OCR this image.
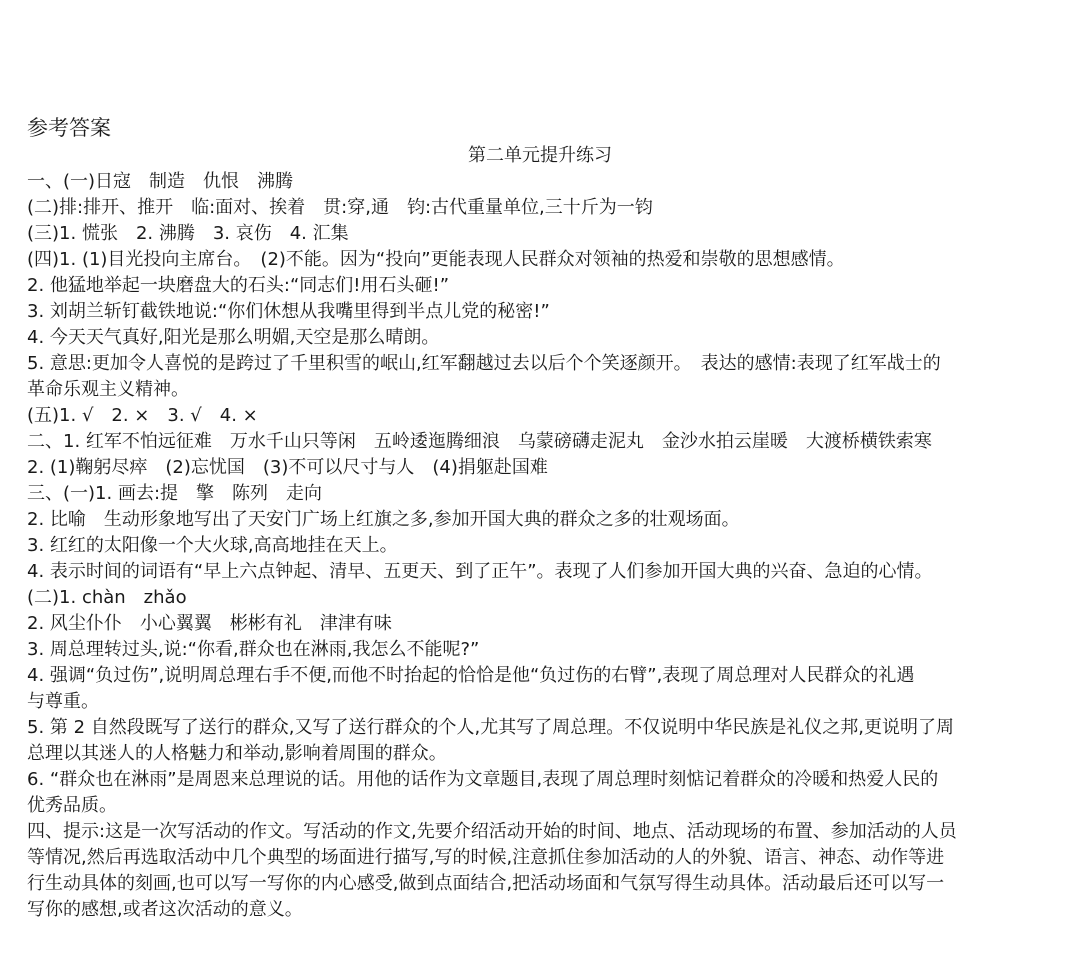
参考答案
第二单元提升练习
一、(一)日寇　制造　仇恨　沸腾
(二)排:排开、推开　临:面对、挨着　贯:穿,通　钧:古代重量单位,三十斤为一钧
(三)1. 慌张　2. 沸腾　3. 哀伤　4. 汇集
(四)1. (1)目光投向主席台。　(2)不能。因为“投向”更能表现人民群众对领袖的热爱和崇敬的思想感情。
2. 他猛地举起一块磨盘大的石头:“同志们!用石头砸!”
3. 刘胡兰斩钉截铁地说:“你们休想从我嘴里得到半点儿党的秘密!”
4. 今天天气真好,阳光是那么明媚,天空是那么晴朗。
5. 意思:更加令人喜悦的是跨过了千里积雪的岷山,红军翻越过去以后个个笑逐颜开。　表达的感情:表现了红军战士的
革命乐观主义精神。
(五)1. √　2. ×　3. √　4. ×
二、1. 红军不怕远征难　万水千山只等闲　五岭逶迤腾细浪　乌蒙磅礴走泥丸　金沙水拍云崖暖　大渡桥横铁索寒
2. (1)鞠躬尽瘁　(2)忘忧国　(3)不可以尺寸与人　(4)捐躯赴国难
三、(一)1. 画去:提　擎　陈列　走向
2. 比喻　生动形象地写出了天安门广场上红旗之多,参加开国大典的群众之多的壮观场面。
3. 红红的太阳像一个大火球,高高地挂在天上。
4. 表示时间的词语有“早上六点钟起、清早、五更天、到了正午”。表现了人们参加开国大典的兴奋、急迫的心情。
(二)1. chàn　zhǎo
2. 风尘仆仆　小心翼翼　彬彬有礼　津津有味
3. 周总理转过头,说:“你看,群众也在淋雨,我怎么不能呢?”
4. 强调“负过伤”,说明周总理右手不便,而他不时抬起的恰恰是他“负过伤的右臂”,表现了周总理对人民群众的礼遇
与尊重。
5. 第 2 自然段既写了送行的群众,又写了送行群众的个人,尤其写了周总理。不仅说明中华民族是礼仪之邦,更说明了周
总理以其迷人的人格魅力和举动,影响着周围的群众。
6. “群众也在淋雨”是周恩来总理说的话。用他的话作为文章题目,表现了周总理时刻惦记着群众的冷暖和热爱人民的
优秀品质。
四、提示:这是一次写活动的作文。写活动的作文,先要介绍活动开始的时间、地点、活动现场的布置、参加活动的人员
等情况,然后再选取活动中几个典型的场面进行描写,写的时候,注意抓住参加活动的人的外貌、语言、神态、动作等进
行生动具体的刻画,也可以写一写你的内心感受,做到点面结合,把活动场面和气氛写得生动具体。活动最后还可以写一
写你的感想,或者这次活动的意义。
